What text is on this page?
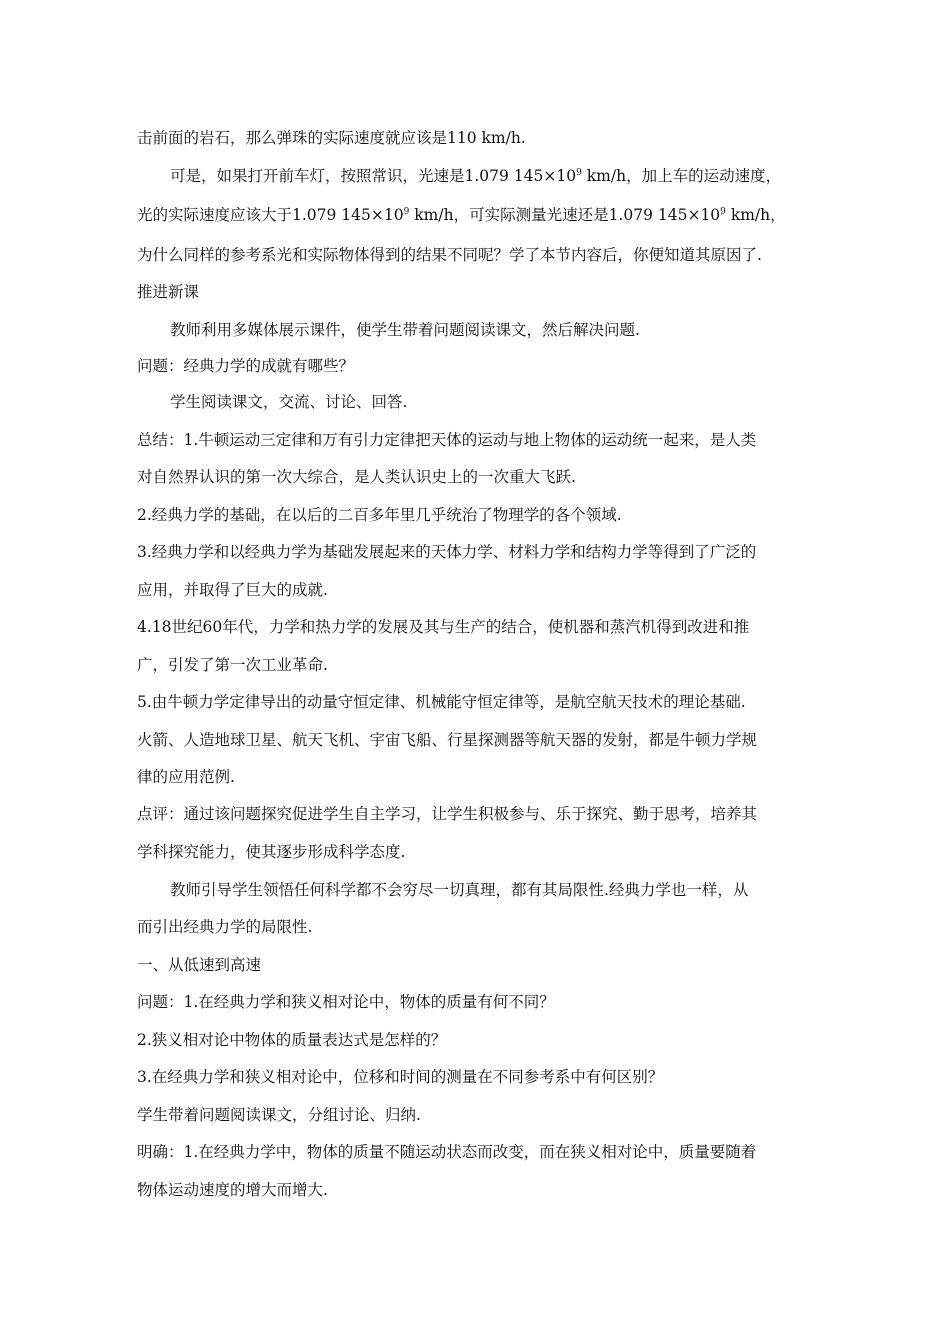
击前面的岩石，那么弹珠的实际速度就应该是110 km/h.
可是，如果打开前车灯，按照常识，光速是1.079 $145\times 10^9$ km/h，加上车的运动速度，
光的实际速度应该大于1.079 $145\times 10^9$ km/h，可实际测量光速还是1.079 $145\times 10^9$ km/h，
为什么同样的参考系光和实际物体得到的结果不同呢？学了本节内容后，你便知道其原因了.
推进新课
教师利用多媒体展示课件，使学生带着问题阅读课文，然后解决问题.
问题：经典力学的成就有哪些？
学生阅读课文，交流、讨论、回答.
总结：1.牛顿运动三定律和万有引力定律把天体的运动与地上物体的运动统一起来，是人类
对自然界认识的第一次大综合，是人类认识史上的一次重大飞跃.
2.经典力学的基础，在以后的二百多年里几乎统治了物理学的各个领域.
3.经典力学和以经典力学为基础发展起来的天体力学、材料力学和结构力学等得到了广泛的
应用，并取得了巨大的成就.
4.18世纪60年代，力学和热力学的发展及其与生产的结合，使机器和蒸汽机得到改进和推
广，引发了第一次工业革命.
5.由牛顿力学定律导出的动量守恒定律、机械能守恒定律等，是航空航天技术的理论基础.
火箭、人造地球卫星、航天飞机、宇宙飞船、行星探测器等航天器的发射，都是牛顿力学规
律的应用范例.
点评：通过该问题探究促进学生自主学习，让学生积极参与、乐于探究、勤于思考，培养其
学科探究能力，使其逐步形成科学态度.
教师引导学生领悟任何科学都不会穷尽一切真理，都有其局限性.经典力学也一样，从
而引出经典力学的局限性.
一、从低速到高速
问题：1.在经典力学和狭义相对论中，物体的质量有何不同？
2.狭义相对论中物体的质量表达式是怎样的？
3.在经典力学和狭义相对论中，位移和时间的测量在不同参考系中有何区别？
学生带着问题阅读课文，分组讨论、归纳.
明确：1.在经典力学中，物体的质量不随运动状态而改变，而在狭义相对论中，质量要随着
物体运动速度的增大而增大.
